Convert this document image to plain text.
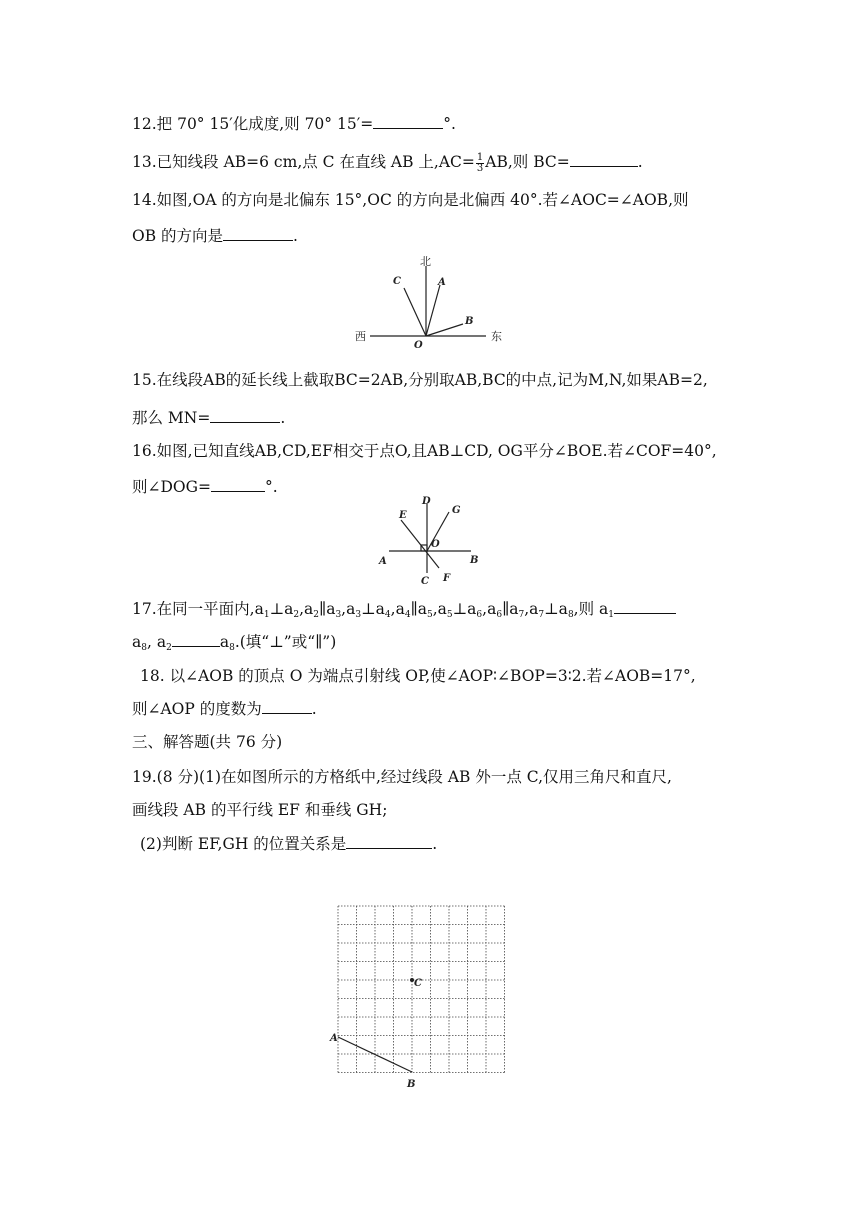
12.把 70° 15′化成度,则 70° 15′=	°.
13.已知线段 AB=6 cm,点 C 在直线 AB 上$,AC= \frac{1}{3}$ AB,则 BC=	.
14.如图,OA 的方向是北偏东 15°,OC 的方向是北偏西 40°.若∠AOC=∠AOB,则
OB 的方向是	.
北
西	东
O
A
B
C
15.在线段AB的延长线上截取BC=2AB,分别取AB,BC的中点,记为M,N,如果AB=2,
那么 MN=	.
16.如图,已知直线AB,CD,EF相交于点O,且AB⊥CD, OG平分∠BOE.若∠COF=40°,
则∠DOG=	°.
E
D
G
O
A	B
C F
17.在同一平面内$,a_1\perp a_2,a_2\parallel a_3,a_3\perp a_4,a_4\parallel a_5,a_5\perp a_6,a_6\parallel a_7,a_7\perp a_8$,则 $a_1$
$a_8$, $a_2$	$a_8$.(填“⊥”或“∥”)
18. 以∠AOB 的顶点 O 为端点引射线 OP,使∠AOP∶∠BOP=3∶2.若∠AOB=17°,
则∠AOP 的度数为	.
三、解答题(共 76 分)
19.(8 分)(1)在如图所示的方格纸中,经过线段 AB 外一点 C,仅用三角尺和直尺,
画线段 AB 的平行线 EF 和垂线 GH;
(2)判断 EF,GH 的位置关系是	.
A
B
C
